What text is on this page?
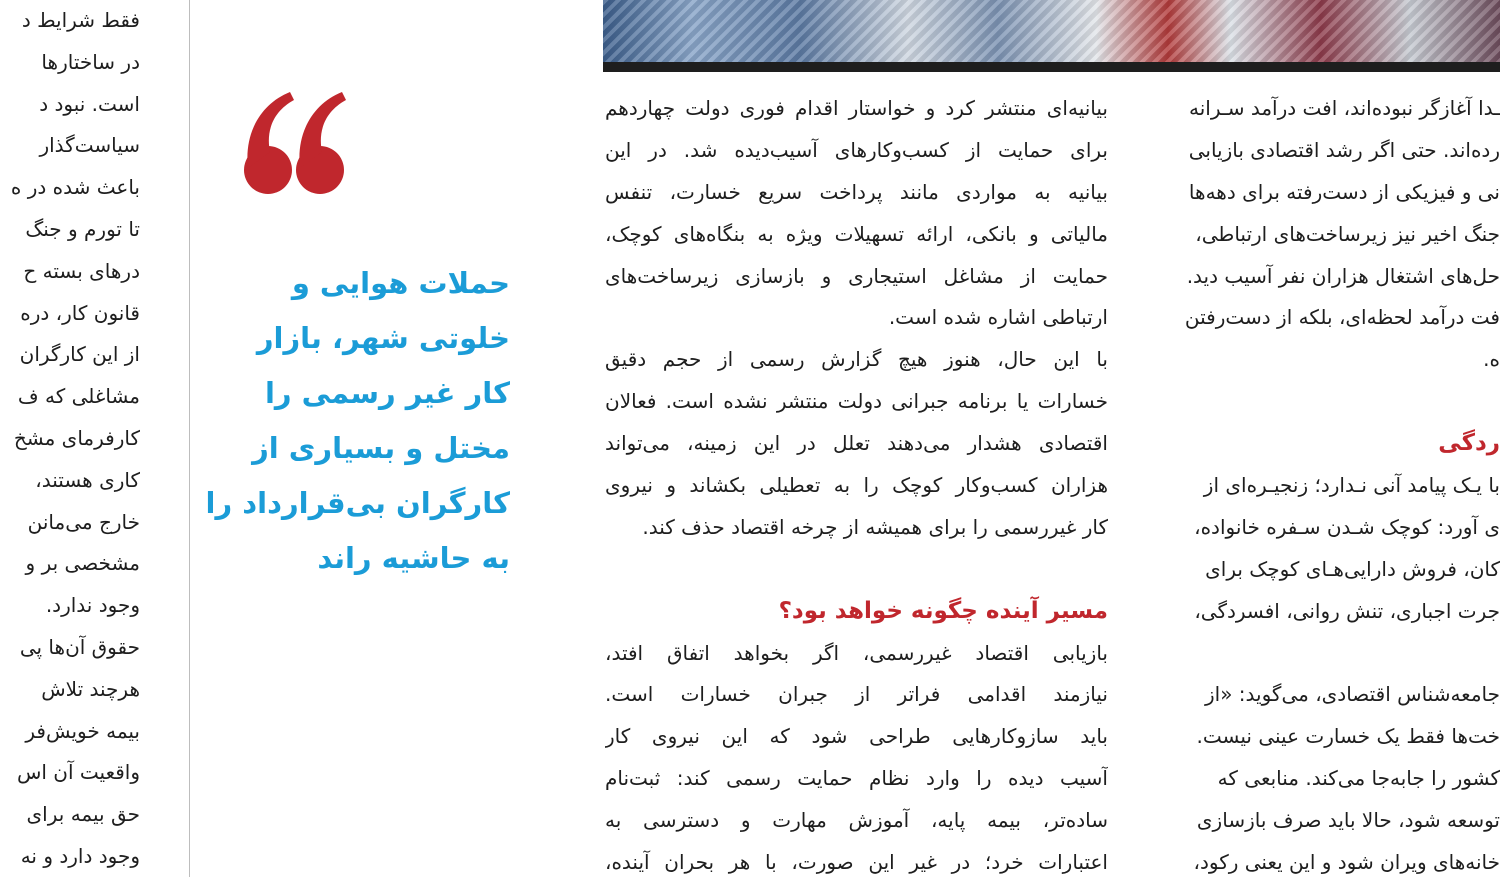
فقط شرایط د
در ساختارها
است. نبود د
سیاست‌گذار
باعث شده در ه
تا تورم و جنگ
درهای بسته ح
قانون کار، دره
از این کارگران
مشاغلی که ف
کارفرمای مشخ
کاری هستند،
خارج می‌مانن
مشخصی بر و
وجود ندارد.
حقوق آن‌ها پی
هرچند تلاش
بیمه خویش‌فر
واقعیت آن اس
حق بیمه برای
وجود دارد و نه
حملات هوایی و
خلوتی شهر، بازار
کار غیر رسمی را
مختل و بسیاری از
کارگران بی‌قرارداد را
به حاشیه راند
بیانیه‌ای منتشر کرد و خواستار اقدام فوری دولت چهاردهم
برای حمایت از کسب‌وکارهای آسیب‌دیده شد. در این
بیانیه به مواردی مانند پرداخت سریع خسارت، تنفس
مالیاتی و بانکی، ارائه تسهیلات ویژه به بنگاه‌های کوچک،
حمایت از مشاغل استیجاری و بازسازی زیرساخت‌های
ارتباطی اشاره شده است.
با این حال، هنوز هیچ گزارش رسمی از حجم دقیق
خسارات یا برنامه جبرانی دولت منتشر نشده است. فعالان
اقتصادی هشدار می‌دهند تعلل در این زمینه، می‌تواند
هزاران کسب‌وکار کوچک را به تعطیلی بکشاند و نیروی
کار غیررسمی را برای همیشه از چرخه اقتصاد حذف کند.
مسیر آینده چگونه خواهد بود؟
بازیابی اقتصاد غیررسمی، اگر بخواهد اتفاق افتد،
نیازمند اقدامی فراتر از جبران خسارات است.
باید سازوکارهایی طراحی شود که این نیروی کار
آسیب دیده را وارد نظام حمایت رسمی کند: ثبت‌نام
ساده‌تر، بیمه پایه، آموزش مهارت و دسترسی به
اعتبارات خرد؛ در غیر این صورت، با هر بحران آینده،
ـدا آغازگر نبوده‌اند، افت درآمد سـرانه
رده‌اند. حتی اگر رشد اقتصادی بازیابی
نی و فیزیکی از دست‌رفته برای دهه‌ها
جنگ اخیر نیز زیرساخت‌های ارتباطی،
حل‌های اشتغال هزاران نفر آسیب دید.
فت درآمد لحظه‌ای، بلکه از دست‌رفتن
ه.
ردگی
با یـک پیامد آنی نـدارد؛ زنجیـره‌ای از
ی آورد: کوچک شـدن سـفره خانواده،
کان، فروش دارایی‌هـای کوچک برای
جرت اجباری، تنش روانی، افسردگی،
جامعه‌شناس اقتصادی، می‌گوید: «از
خت‌ها فقط یک خسارت عینی نیست.
کشور را جابه‌جا می‌کند. منابعی که
توسعه شود، حالا باید صرف بازسازی
خانه‌های ویران شود و این یعنی رکود،
